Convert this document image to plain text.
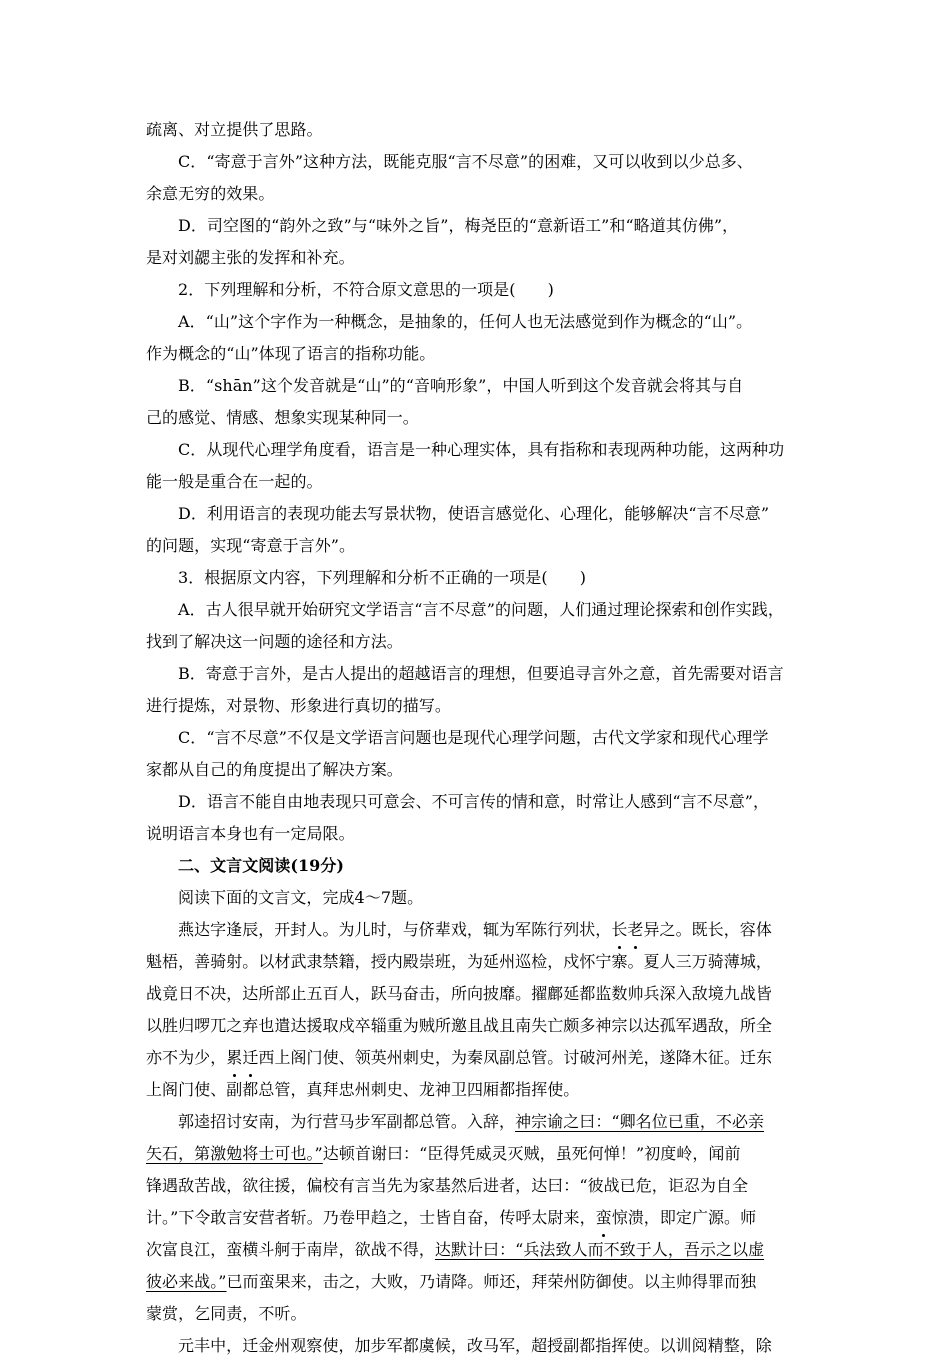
疏离、对立提供了思路。
C．“寄意于言外”这种方法，既能克服“言不尽意”的困难，又可以收到以少总多、
余意无穷的效果。
D．司空图的“韵外之致”与“味外之旨”，梅尧臣的“意新语工”和“略道其仿佛”，
是对刘勰主张的发挥和补充。
2．下列理解和分析，不符合原文意思的一项是(　　)
A．“山”这个字作为一种概念，是抽象的，任何人也无法感觉到作为概念的“山”。
作为概念的“山”体现了语言的指称功能。
B．“shān”这个发音就是“山”的“音响形象”，中国人听到这个发音就会将其与自
己的感觉、情感、想象实现某种同一。
C．从现代心理学角度看，语言是一种心理实体，具有指称和表现两种功能，这两种功
能一般是重合在一起的。
D．利用语言的表现功能去写景状物，使语言感觉化、心理化，能够解决“言不尽意”
的问题，实现“寄意于言外”。
3．根据原文内容，下列理解和分析不正确的一项是(　　)
A．古人很早就开始研究文学语言“言不尽意”的问题，人们通过理论探索和创作实践，
找到了解决这一问题的途径和方法。
B．寄意于言外，是古人提出的超越语言的理想，但要追寻言外之意，首先需要对语言
进行提炼，对景物、形象进行真切的描写。
C．“言不尽意”不仅是文学语言问题也是现代心理学问题，古代文学家和现代心理学
家都从自己的角度提出了解决方案。
D．语言不能自由地表现只可意会、不可言传的情和意，时常让人感到“言不尽意”，
说明语言本身也有一定局限。
二、文言文阅读(19分)
阅读下面的文言文，完成4～7题。
燕达字逢辰，开封人。为儿时，与侪辈戏，辄为军陈行列状，长老异之。既长，容体
魁梧，善骑射。以材武隶禁籍，授内殿崇班，为延州巡检，戍怀宁寨。夏人三万骑薄城，
战竟日不决，达所部止五百人，跃马奋击，所向披靡。擢鄜延都监数帅兵深入敌境九战皆
以胜归啰兀之弃也遣达援取戍卒辎重为贼所邀且战且南失亡颇多神宗以达孤军遇敌，所全
亦不为少，累迁西上阁门使、领英州刺史，为秦凤副总管。讨破河州羌，遂降木征。迁东
上阁门使、副都总管，真拜忠州刺史、龙神卫四厢都指挥使。
郭逵招讨安南，为行营马步军副都总管。入辞，神宗谕之曰：“卿名位已重，不必亲
矢石，第激勉将士可也。”达顿首谢曰：“臣得凭威灵灭贼，虽死何惮！”初度岭，闻前
锋遇敌苦战，欲往援，偏校有言当先为家基然后进者，达曰：“彼战已危，讵忍为自全
计。”下令敢言安营者斩。乃卷甲趋之，士皆自奋，传呼太尉来，蛮惊溃，即定广源。师
次富良江，蛮横斗舸于南岸，欲战不得，达默计曰：“兵法致人而不致于人，吾示之以虚
彼必来战。”已而蛮果来，击之，大败，乃请降。师还，拜荣州防御使。以主帅得罪而独
蒙赏，乞同责，不听。
元丰中，迁金州观察使，加步军都虞候，改马军，超授副都指挥使。以训阅精整，除
